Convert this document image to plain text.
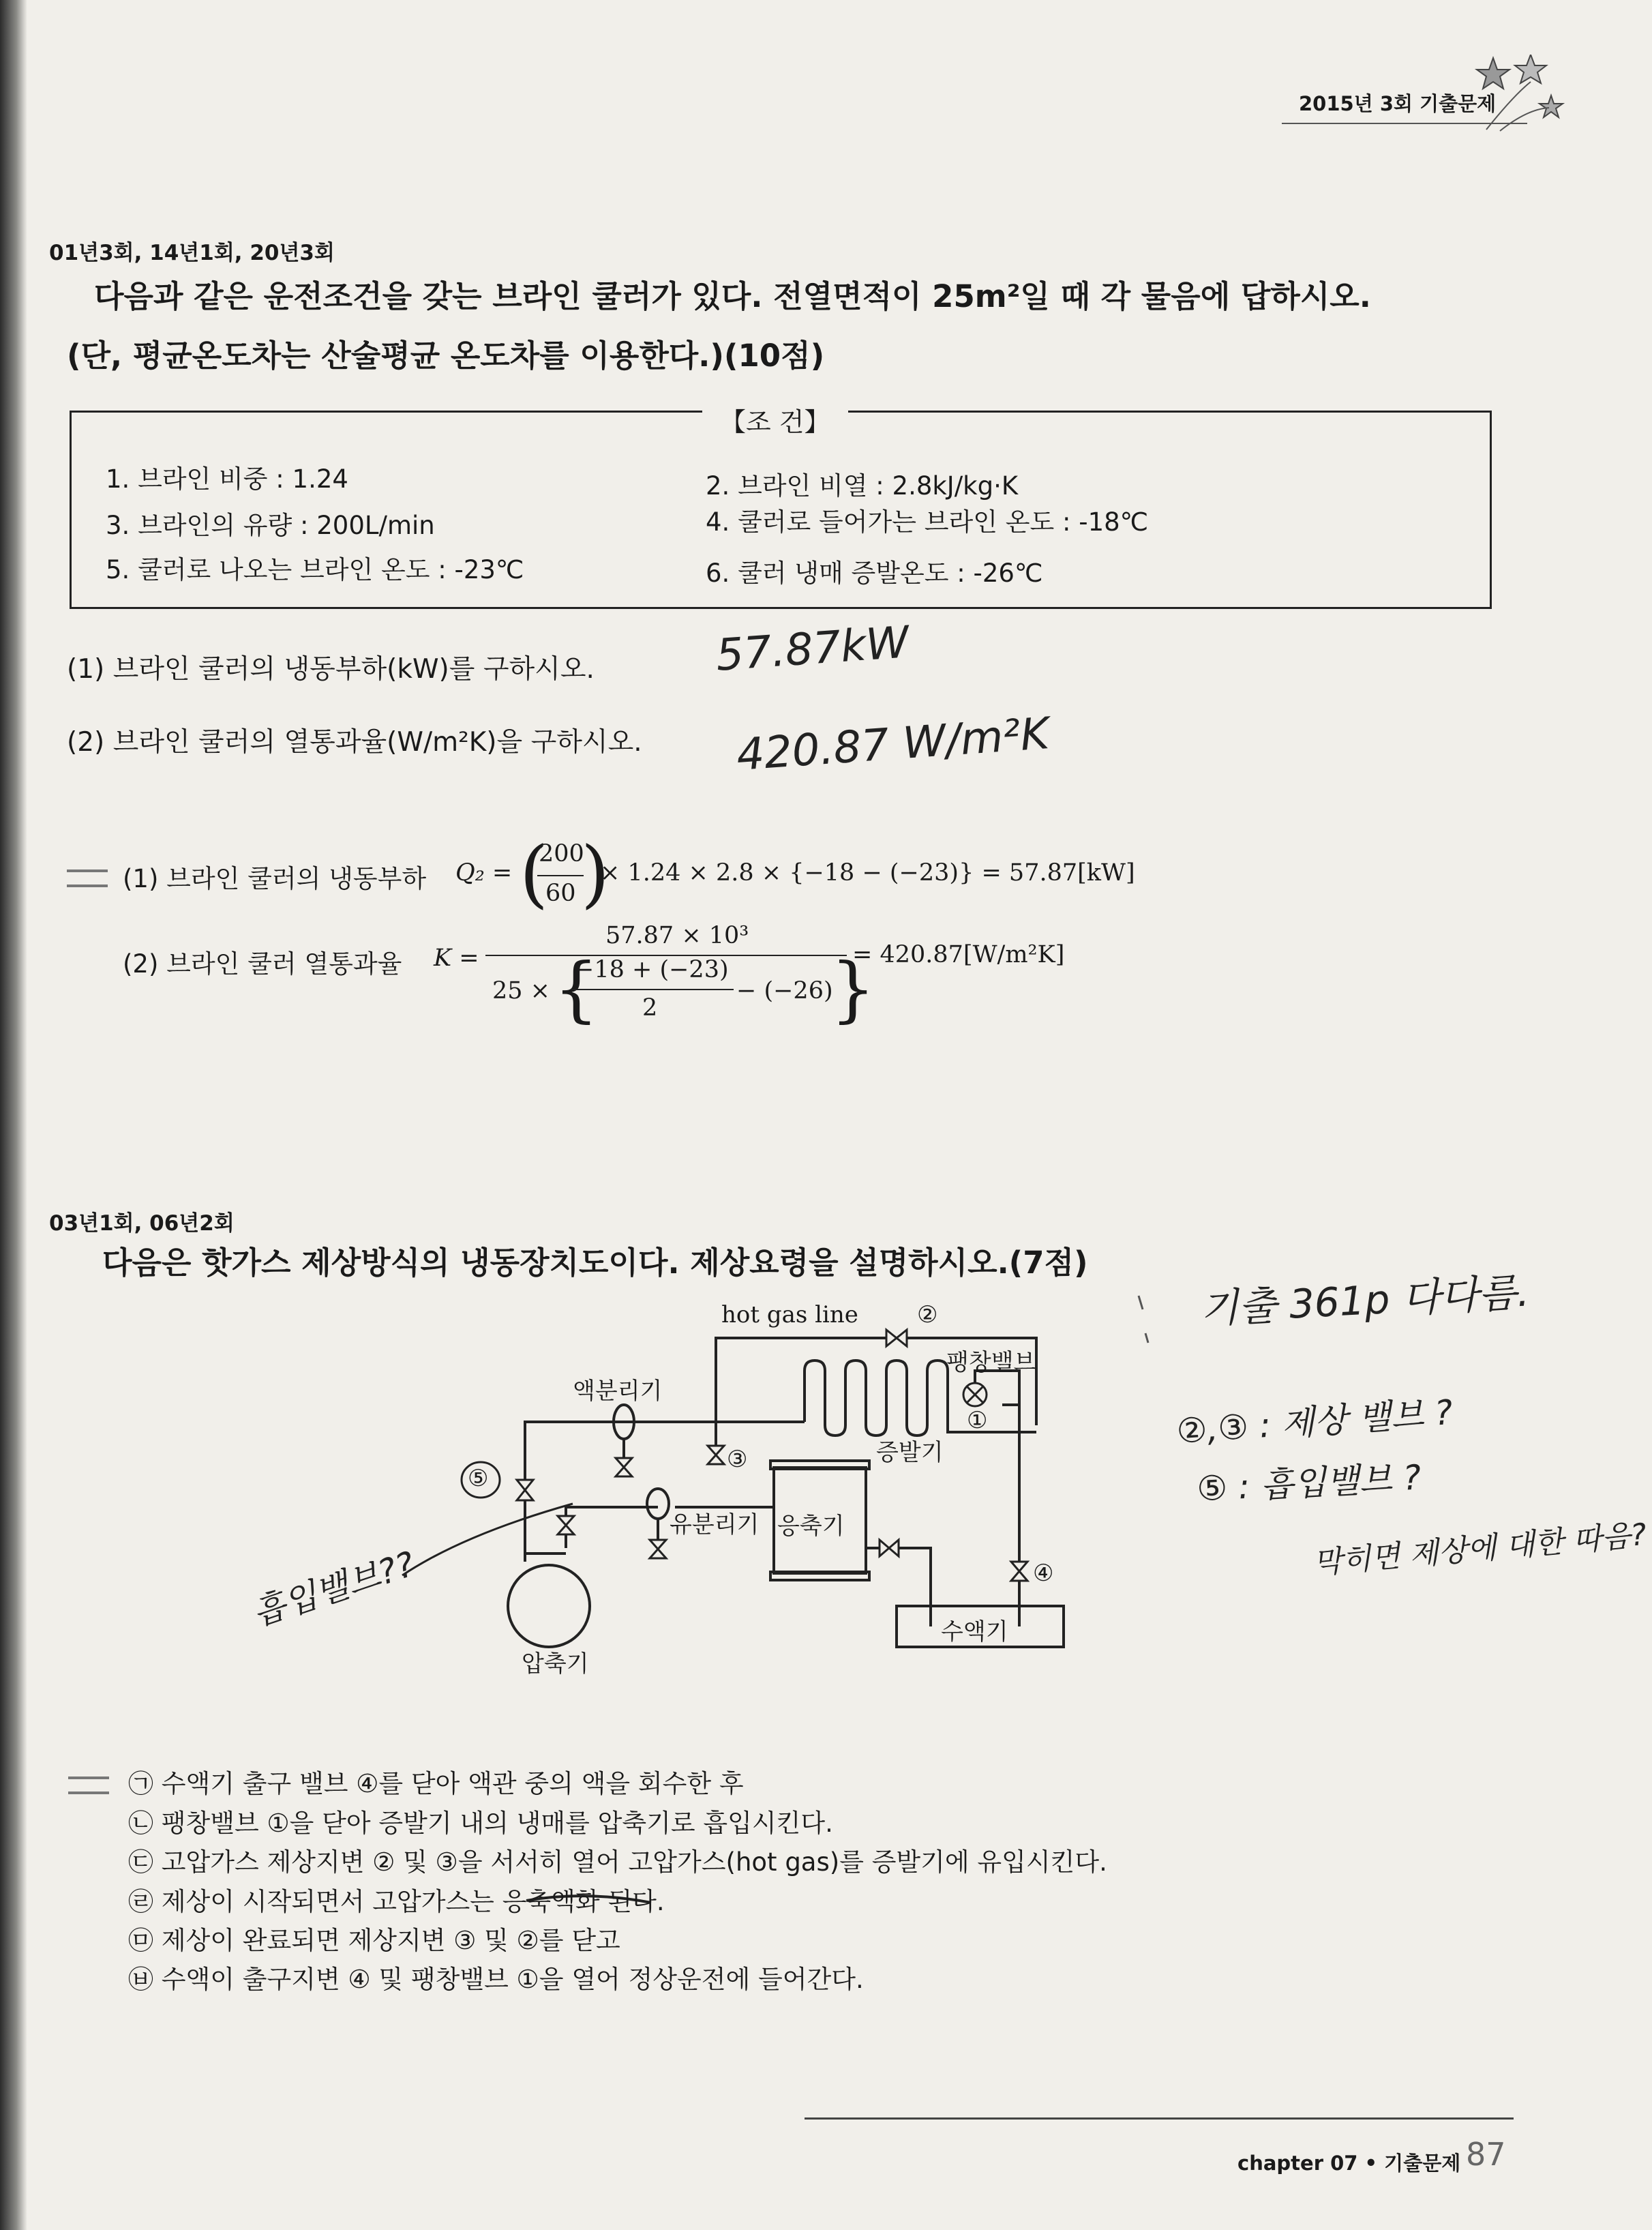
2015년 3회 기출문제
01년3회, 14년1회, 20년3회
다음과 같은 운전조건을 갖는 브라인 쿨러가 있다. 전열면적이 25m²일 때 각 물음에 답하시오.
(단, 평균온도차는 산술평균 온도차를 이용한다.)(10점)
【조 건】
1. 브라인 비중 : 1.24	2. 브라인 비열 : 2.8kJ/kg·K
3. 브라인의 유량 : 200L/min	4. 쿨러로 들어가는 브라인 온도 : -18℃
5. 쿨러로 나오는 브라인 온도 : -23℃	6. 쿨러 냉매 증발온도 : -26℃
(1) 브라인 쿨러의 냉동부하(kW)를 구하시오.	57.87kW
(2) 브라인 쿨러의 열통과율(W/m²K)을 구하시오. 420.87 W/m²K
(1) 브라인 쿨러의 냉동부하 Q₂ = (
200
60 )
× 1.24 × 2.8 × {−18 − (−23)} = 57.87[kW]
(2) 브라인 쿨러 열통과율 K =
57.87 × 10³
25 × {
−18 + (−23)
2
− (−26)
}
= 420.87[W/m²K]
03년1회, 06년2회
다음은 핫가스 제상방식의 냉동장치도이다. 제상요령을 설명하시오.(7점)
hot gas line	②
액분리기
팽창밸브
①
증발기
③
⑤
유분리기 응축기
④
수액기
압축기
기출 361p 다다름.
②,③ : 제상 밸브 ?
⑤ : 흡입밸브 ?
막히면 제상에 대한 따음?
흡입밸브??
㉠ 수액기 출구 밸브 ④를 닫아 액관 중의 액을 회수한 후
㉡ 팽창밸브 ①을 닫아 증발기 내의 냉매를 압축기로 흡입시킨다.
㉢ 고압가스 제상지변 ② 및 ③을 서서히 열어 고압가스(hot gas)를 증발기에 유입시킨다.
㉣ 제상이 시작되면서 고압가스는 응축액화 된다.
㉤ 제상이 완료되면 제상지변 ③ 및 ②를 닫고
㉥ 수액이 출구지변 ④ 및 팽창밸브 ①을 열어 정상운전에 들어간다.
chapter 07 • 기출문제 87
